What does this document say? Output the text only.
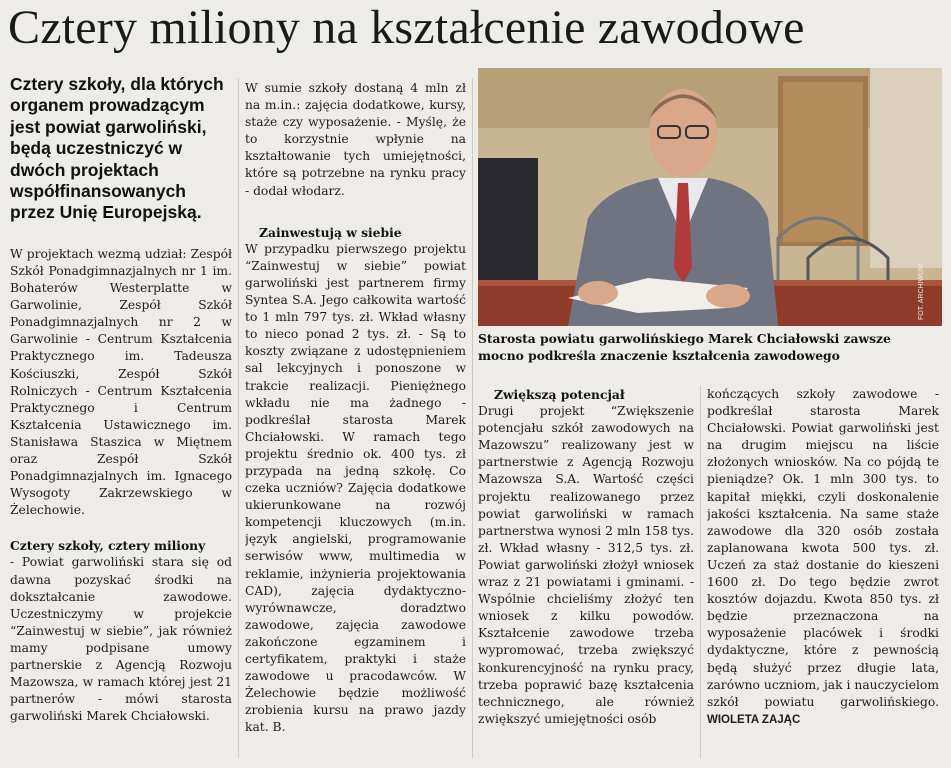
Cztery miliony na kształcenie zawodowe
Cztery szkoły, dla których organem prowadzącym jest powiat garwoliński, będą uczestniczyć w dwóch projektach współfinansowanych przez Unię Europejską.

W projektach wezmą udział: Zespół Szkół Ponadgimnazjalnych nr 1 im. Bohaterów Westerplatte w Garwolinie, Zespół Szkół Ponadgimnazjalnych nr 2 w Garwolinie - Centrum Kształcenia Praktycznego im. Tadeusza Kościuszki, Zespół Szkół Rolniczych - Centrum Kształcenia Praktycznego i Centrum Kształcenia Ustawicznego im. Stanisława Staszica w Miętnem oraz Zespół Szkół Ponadgimnazjalnych im. Ignacego Wysogoty Zakrzewskiego w Żelechowie.

Cztery szkoły, cztery miliony

- Powiat garwoliński stara się od dawna pozyskać środki na dokształcanie zawodowe. Uczestniczymy w projekcie “Zainwestuj w siebie”, jak również mamy podpisane umowy partnerskie z Agencją Rozwoju Mazowsza, w ramach której jest 21 partnerów - mówi starosta garwoliński Marek Chciałowski.

W sumie szkoły dostaną 4 mln zł na m.in.: zajęcia dodatkowe, kursy, staże czy wyposażenie. - Myślę, że to korzystnie wpłynie na kształtowanie tych umiejętności, które są potrzebne na rynku pracy - dodał włodarz.

Zainwestują w siebie

W przypadku pierwszego projektu “Zainwestuj w siebie” powiat garwoliński jest partnerem firmy Syntea S.A. Jego całkowita wartość to 1 mln 797 tys. zł. Wkład własny to nieco ponad 2 tys. zł. - Są to koszty związane z udostępnieniem sal lekcyjnych i ponoszone w trakcie realizacji. Pieniężnego wkładu nie ma żadnego - podkreślał starosta Marek Chciałowski. W ramach tego projektu średnio ok. 400 tys. zł przypada na jedną szkołę. Co czeka uczniów? Zajęcia dodatkowe ukierunkowane na rozwój kompetencji kluczowych (m.in. język angielski, programowanie serwisów www, multimedia w reklamie, inżynieria projektowania CAD), zajęcia dydaktyczno-wyrównawcze, doradztwo zawodowe, zajęcia zawodowe zakończone egzaminem i certyfikatem, praktyki i staże zawodowe u pracodawców. W Żelechowie będzie możliwość zrobienia kursu na prawo jazdy kat. B.

FOT. ARCHIWUM
Starosta powiatu garwolińskiego Marek Chciałowski zawsze mocno podkreśla znaczenie kształcenia zawodowego

Zwiększą potencjał

Drugi projekt “Zwiększenie potencjału szkół zawodowych na Mazowszu” realizowany jest w partnerstwie z Agencją Rozwoju Mazowsza S.A. Wartość części projektu realizowanego przez powiat garwoliński w ramach partnerstwa wynosi 2 mln 158 tys. zł. Wkład własny - 312,5 tys. zł. Powiat garwoliński złożył wniosek wraz z 21 powiatami i gminami. - Wspólnie chcieliśmy złożyć ten wniosek z kilku powodów. Kształcenie zawodowe trzeba wypromować, trzeba zwiększyć konkurencyjność na rynku pracy, trzeba poprawić bazę kształcenia technicznego, ale również zwiększyć umiejętności osób

kończących szkoły zawodowe - podkreślał starosta Marek Chciałowski. Powiat garwoliński jest na drugim miejscu na liście złożonych wniosków. Na co pójdą te pieniądze? Ok. 1 mln 300 tys. to kapitał miękki, czyli doskonalenie jakości kształcenia. Na same staże zawodowe dla 320 osób została zaplanowana kwota 500 tys. zł. Uczeń za staż dostanie do kieszeni 1600 zł. Do tego będzie zwrot kosztów dojazdu. Kwota 850 tys. zł będzie przeznaczona na wyposażenie placówek i środki dydaktyczne, które z pewnością będą służyć przez długie lata, zarówno uczniom, jak i nauczycielom szkół powiatu garwolińskiego. WIOLETA ZAJĄC
